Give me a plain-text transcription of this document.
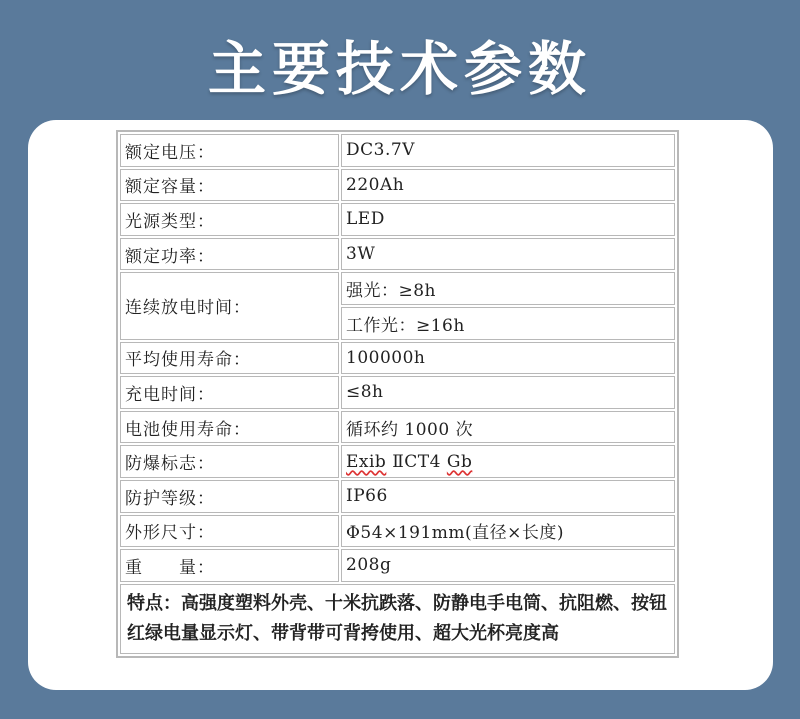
主要技术参数
额定电压：	DC3.7V
额定容量：	220Ah
光源类型：	LED
额定功率：	3W
连续放电时间：	强光：≥8h
	工作光：≥16h
平均使用寿命：	100000h
充电时间：	≤8h
电池使用寿命：	循环约 1000 次
防爆标志：	Exib ⅡCT4 Gb
防护等级：	IP66
外形尺寸：	Φ54×191mm(直径×长度)
重　　量：	208g
特点：高强度塑料外壳、十米抗跌落、防静电手电筒、抗阻燃、按钮红绿电量显示灯、带背带可背挎使用、超大光杯亮度高	
